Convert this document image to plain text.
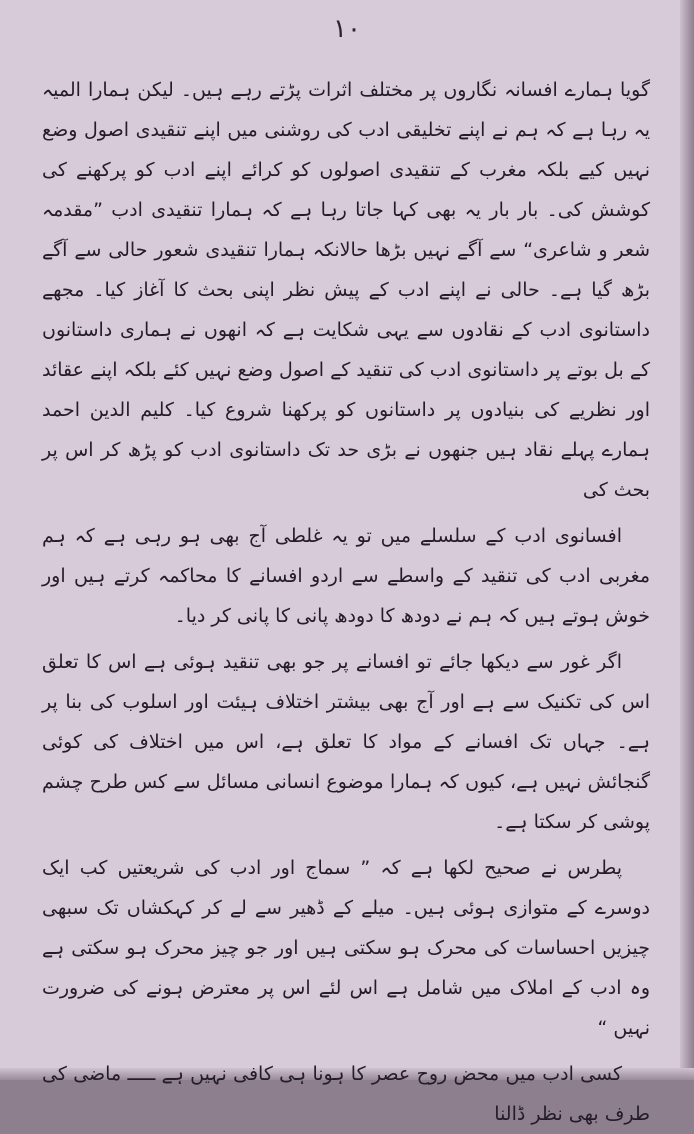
۱۰

گویا ہمارے افسانہ نگاروں پر مختلف اثرات پڑتے رہے ہیں۔ لیکن ہمارا المیہ یہ رہا ہے کہ ہم نے اپنے تخلیقی ادب کی روشنی میں اپنے تنقیدی اصول وضع نہیں کیے بلکہ مغرب کے تنقیدی اصولوں کو کرائے اپنے ادب کو پرکھنے کی کوشش کی۔ بار بار یہ بھی کہا جاتا رہا ہے کہ ہمارا تنقیدی ادب ”مقدمہ شعر و شاعری“ سے آگے نہیں بڑھا حالانکہ ہمارا تنقیدی شعور حالی سے آگے بڑھ گیا ہے۔ حالی نے اپنے ادب کے پیش نظر اپنی بحث کا آغاز کیا۔ مجھے داستانوی ادب کے نقادوں سے یہی شکایت ہے کہ انھوں نے ہماری داستانوں کے بل بوتے پر داستانوی ادب کی تنقید کے اصول وضع نہیں کئے بلکہ اپنے عقائد اور نظریے کی بنیادوں پر داستانوں کو پرکھنا شروع کیا۔ کلیم الدین احمد ہمارے پہلے نقاد ہیں جنھوں نے بڑی حد تک داستانوی ادب کو پڑھ کر اس پر بحث کی

افسانوی ادب کے سلسلے میں تو یہ غلطی آج بھی ہو رہی ہے کہ ہم مغربی ادب کی تنقید کے واسطے سے اردو افسانے کا محاکمہ کرتے ہیں اور خوش ہوتے ہیں کہ ہم نے دودھ کا دودھ پانی کا پانی کر دیا۔

اگر غور سے دیکھا جائے تو افسانے پر جو بھی تنقید ہوئی ہے اس کا تعلق اس کی تکنیک سے ہے اور آج بھی بیشتر اختلاف ہیئت اور اسلوب کی بنا پر ہے۔ جہاں تک افسانے کے مواد کا تعلق ہے، اس میں اختلاف کی کوئی گنجائش نہیں ہے، کیوں کہ ہمارا موضوع انسانی مسائل سے کس طرح چشم پوشی کر سکتا ہے۔

پطرس نے صحیح لکھا ہے کہ ” سماج اور ادب کی شریعتیں کب ایک دوسرے کے متوازی ہوئی ہیں۔ میلے کے ڈھیر سے لے کر کہکشاں تک سبھی چیزیں احساسات کی محرک ہو سکتی ہیں اور جو چیز محرک ہو سکتی ہے وہ ادب کے املاک میں شامل ہے اس لئے اس پر معترض ہونے کی ضرورت نہیں “

کسی ادب میں محض روح عصر کا ہونا ہی کافی نہیں ہے ـــــ ماضی کی طرف بھی نظر ڈالنا
